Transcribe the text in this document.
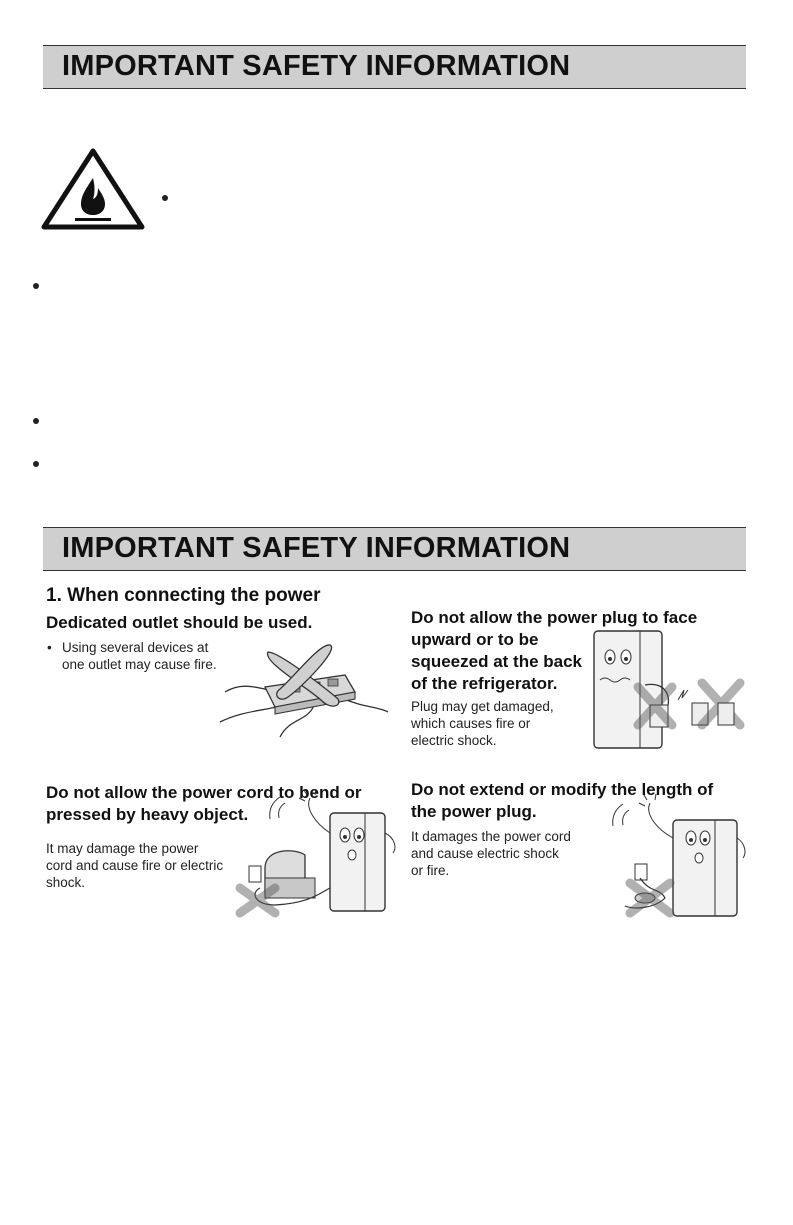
IMPORTANT SAFETY INFORMATION
IMPORTANT SAFETY INFORMATION
1. When connecting the power
Dedicated outlet should be used.
• Using several devices at
one outlet may cause fire.
Do not allow the power plug to face
upward or to be
squeezed at the back
of the refrigerator.
Plug may get damaged,
which causes fire or
electric shock.
Do not allow the power cord to bend or
pressed by heavy object.
It may damage the power
cord and cause fire or electric
shock.
Do not extend or modify the length of
the power plug.
It damages the power cord
and cause electric shock
or fire.
